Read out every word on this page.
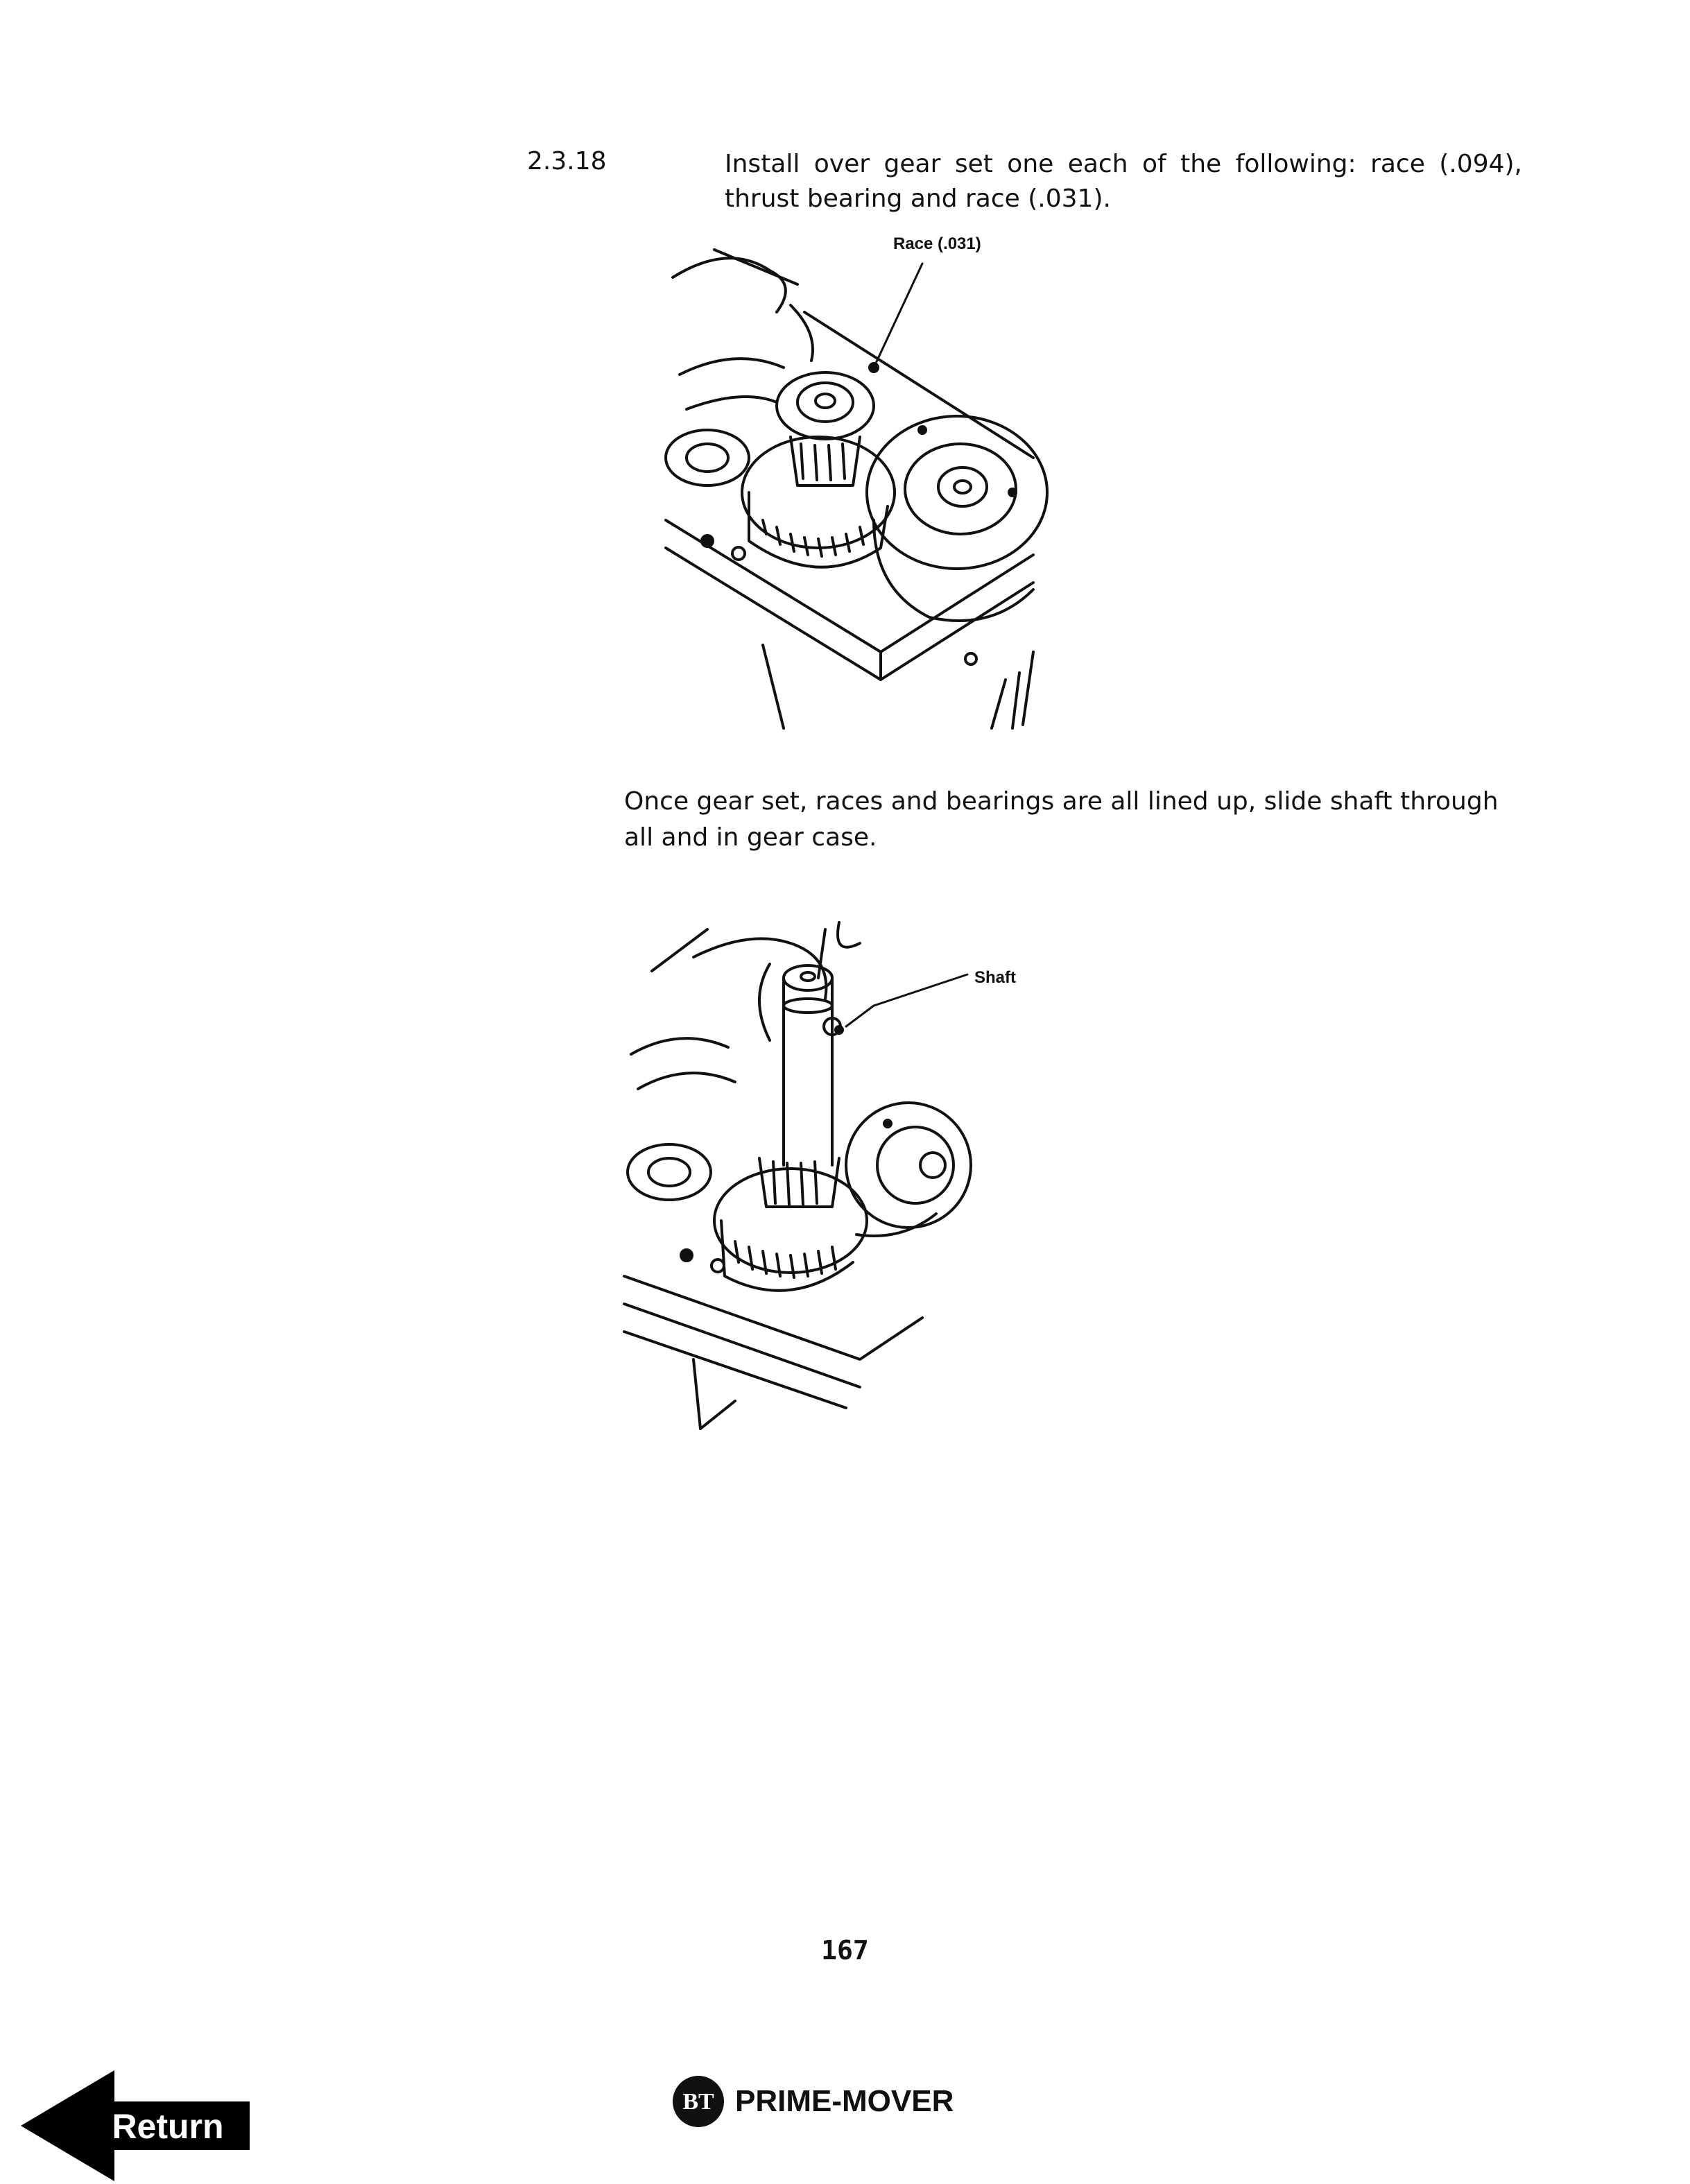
2.3.18	Install over gear set one each of the following: race (.094), thrust bearing and race (.031).
Race (.031)
Once gear set, races and bearings are all lined up, slide shaft through all and in gear case.
Shaft
167
BT PRIME-MOVER
Return
